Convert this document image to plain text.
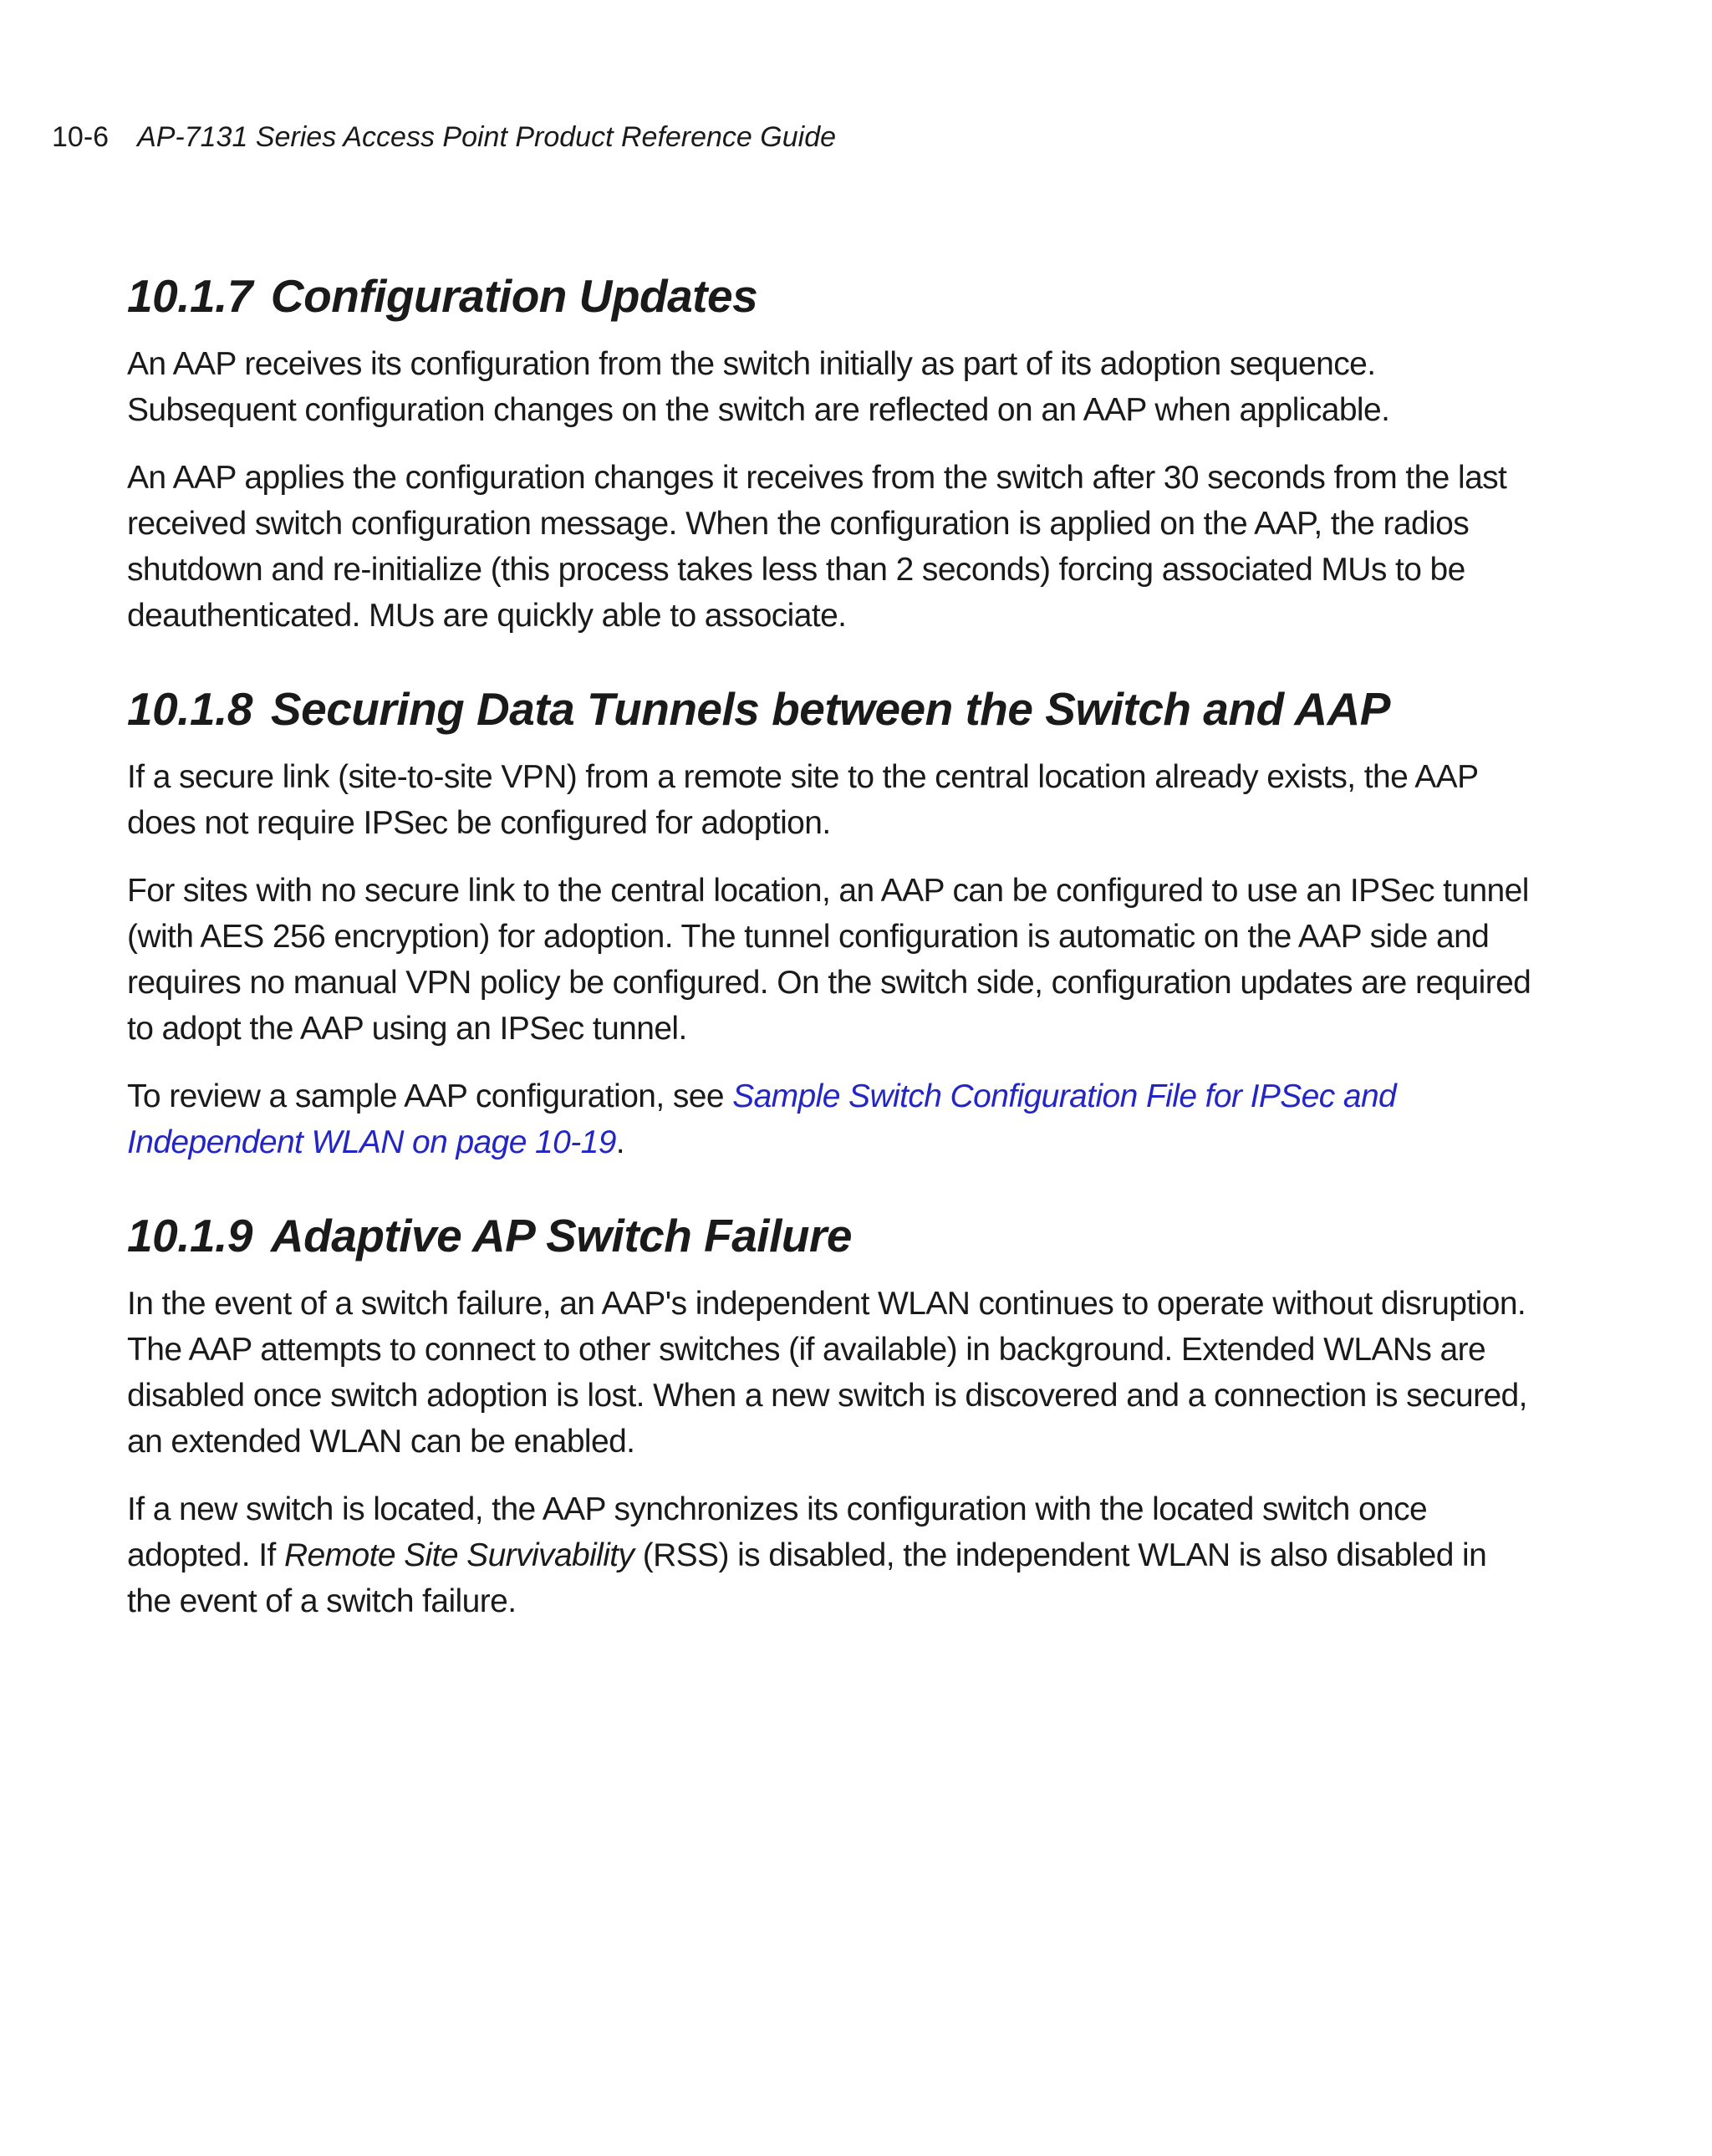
10-6 AP-7131 Series Access Point Product Reference Guide
10.1.7 Configuration Updates

An AAP receives its configuration from the switch initially as part of its adoption sequence. Subsequent configuration changes on the switch are reflected on an AAP when applicable.

An AAP applies the configuration changes it receives from the switch after 30 seconds from the last received switch configuration message. When the configuration is applied on the AAP, the radios shutdown and re-initialize (this process takes less than 2 seconds) forcing associated MUs to be deauthenticated. MUs are quickly able to associate.

10.1.8 Securing Data Tunnels between the Switch and AAP

If a secure link (site-to-site VPN) from a remote site to the central location already exists, the AAP does not require IPSec be configured for adoption.

For sites with no secure link to the central location, an AAP can be configured to use an IPSec tunnel (with AES 256 encryption) for adoption. The tunnel configuration is automatic on the AAP side and requires no manual VPN policy be configured. On the switch side, configuration updates are required to adopt the AAP using an IPSec tunnel.

To review a sample AAP configuration, see Sample Switch Configuration File for IPSec and Independent WLAN on page 10-19.

10.1.9 Adaptive AP Switch Failure

In the event of a switch failure, an AAP's independent WLAN continues to operate without disruption. The AAP attempts to connect to other switches (if available) in background. Extended WLANs are disabled once switch adoption is lost. When a new switch is discovered and a connection is secured, an extended WLAN can be enabled.

If a new switch is located, the AAP synchronizes its configuration with the located switch once adopted. If Remote Site Survivability (RSS) is disabled, the independent WLAN is also disabled in the event of a switch failure.
